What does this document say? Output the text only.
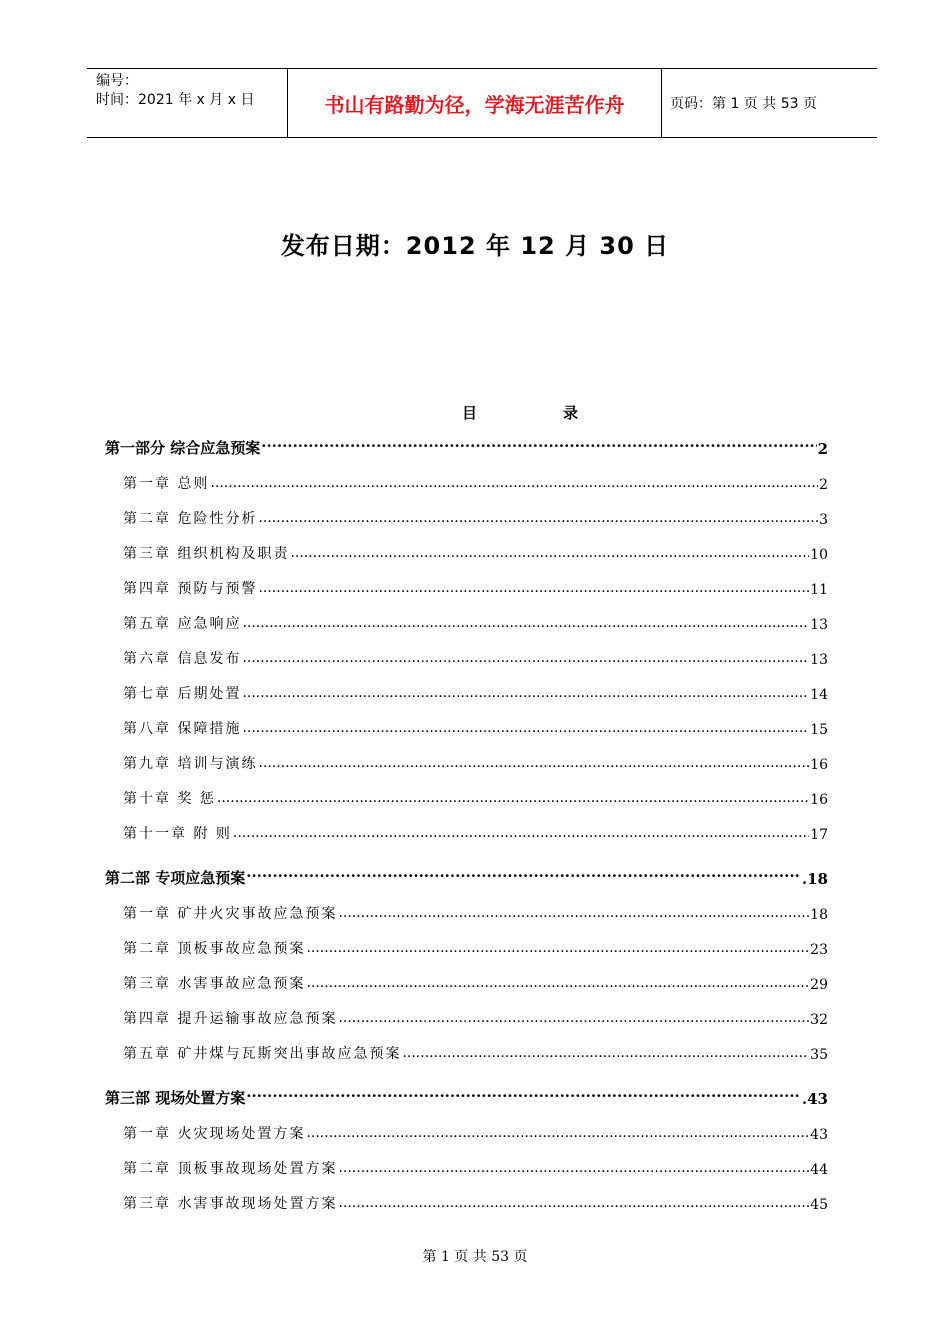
编号：
时间：2021 年 x 月 x 日	书山有路勤为径，学海无涯苦作舟	页码：第 1 页 共 53 页
发布日期：2012 年 12 月 30 日
目	录
第一部分 综合应急预案 ·····	2
第一章 总则 .....	2
第二章 危险性分析 .....	3
第三章 组织机构及职责 .....	10
第四章 预防与预警 .....	11
第五章 应急响应 .....	13
第六章 信息发布 .....	13
第七章 后期处置 .....	14
第八章 保障措施 .....	15
第九章 培训与演练 .....	16
第十章 奖 惩 .....	16
第十一章 附 则 .....	17
第二部 专项应急预案 ·····	.18
第一章 矿井火灾事故应急预案 .....	18
第二章 顶板事故应急预案 .....	23
第三章 水害事故应急预案 .....	29
第四章 提升运输事故应急预案 .....	32
第五章 矿井煤与瓦斯突出事故应急预案 .....	35
第三部 现场处置方案 ·····	.43
第一章 火灾现场处置方案 .....	43
第二章 顶板事故现场处置方案 .....	44
第三章 水害事故现场处置方案 .....	45
第 1 页 共 53 页
